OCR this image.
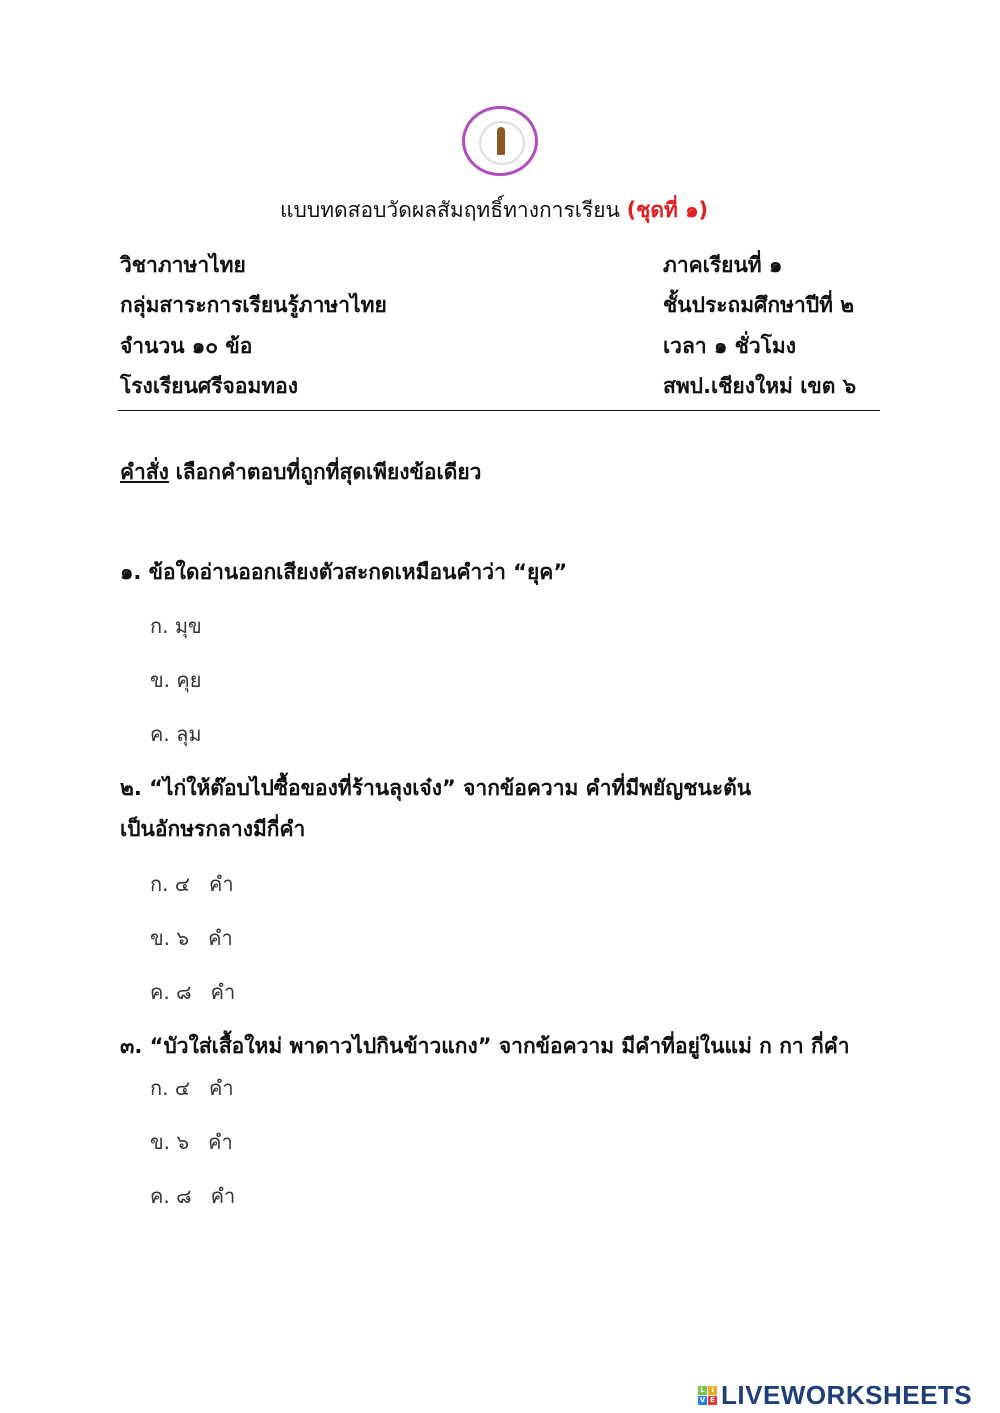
แบบทดสอบวัดผลสัมฤทธิ์ทางการเรียน (ชุดที่ ๑)
วิชาภาษาไทย
กลุ่มสาระการเรียนรู้ภาษาไทย
จำนวน ๑๐ ข้อ
โรงเรียนศรีจอมทอง
ภาคเรียนที่ ๑
ชั้นประถมศึกษาปีที่ ๒
เวลา ๑ ชั่วโมง
สพป.เชียงใหม่ เขต ๖
คำสั่ง เลือกคำตอบที่ถูกที่สุดเพียงข้อเดียว
๑. ข้อใดอ่านออกเสียงตัวสะกดเหมือนคำว่า “ยุค”
ก. มุข
ข. คุย
ค. ลุม
๒. “ไก่ให้ต๊อบไปซื้อของที่ร้านลุงเจ๋ง” จากข้อความ คำที่มีพยัญชนะต้น
เป็นอักษรกลางมีกี่คำ
ก. ๔   คำ
ข. ๖   คำ
ค. ๘   คำ
๓. “บัวใส่เสื้อใหม่ พาดาวไปกินข้าวแกง” จากข้อความ มีคำที่อยู่ในแม่ ก กา กี่คำ
ก. ๔   คำ
ข. ๖   คำ
ค. ๘   คำ
L I
V E LIVEWORKSHEETS
